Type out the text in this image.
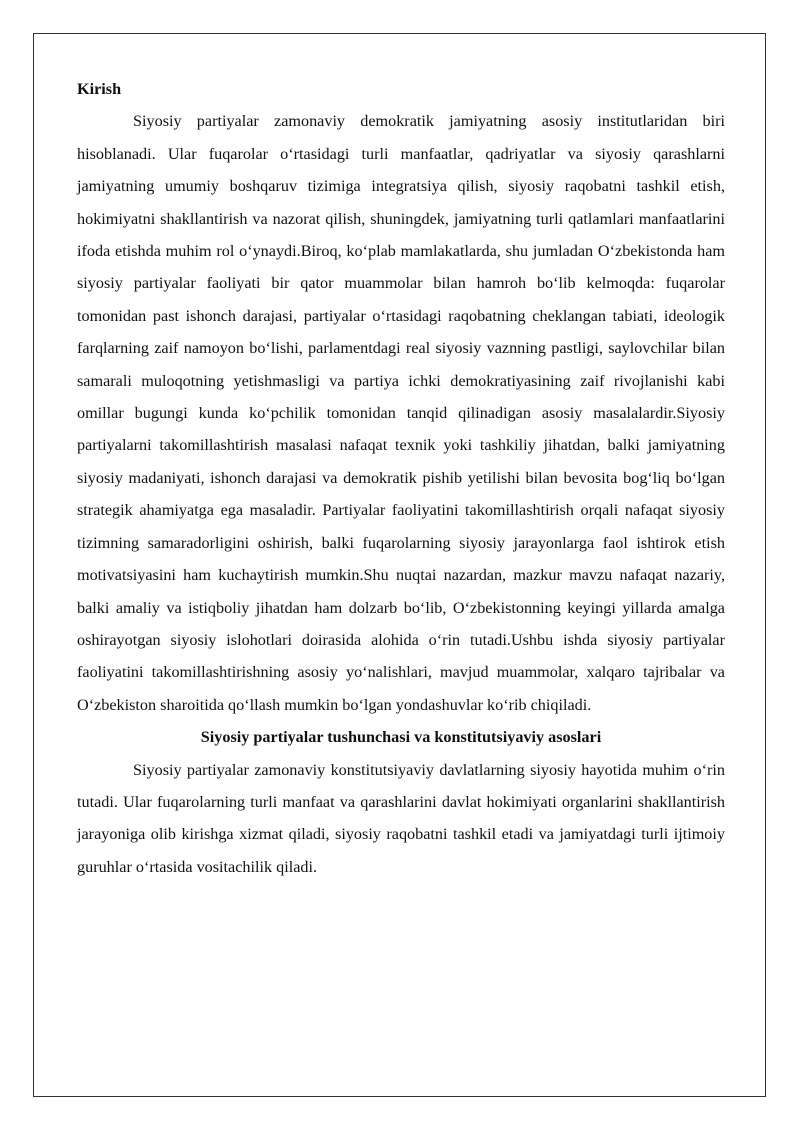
Kirish

Siyosiy partiyalar zamonaviy demokratik jamiyatning asosiy institutlaridan biri hisoblanadi. Ular fuqarolar oʻrtasidagi turli manfaatlar, qadriyatlar va siyosiy qarashlarni jamiyatning umumiy boshqaruv tizimiga integratsiya qilish, siyosiy raqobatni tashkil etish, hokimiyatni shakllantirish va nazorat qilish, shuningdek, jamiyatning turli qatlamlari manfaatlarini ifoda etishda muhim rol oʻynaydi.Biroq, koʻplab mamlakatlarda, shu jumladan Oʻzbekistonda ham siyosiy partiyalar faoliyati bir qator muammolar bilan hamroh boʻlib kelmoqda: fuqarolar tomonidan past ishonch darajasi, partiyalar oʻrtasidagi raqobatning cheklangan tabiati, ideologik farqlarning zaif namoyon boʻlishi, parlamentdagi real siyosiy vaznning pastligi, saylovchilar bilan samarali muloqotning yetishmasligi va partiya ichki demokratiyasining zaif rivojlanishi kabi omillar bugungi kunda koʻpchilik tomonidan tanqid qilinadigan asosiy masalalardir.Siyosiy partiyalarni takomillashtirish masalasi nafaqat texnik yoki tashkiliy jihatdan, balki jamiyatning siyosiy madaniyati, ishonch darajasi va demokratik pishib yetilishi bilan bevosita bogʻliq boʻlgan strategik ahamiyatga ega masaladir. Partiyalar faoliyatini takomillashtirish orqali nafaqat siyosiy tizimning samaradorligini oshirish, balki fuqarolarning siyosiy jarayonlarga faol ishtirok etish motivatsiyasini ham kuchaytirish mumkin.Shu nuqtai nazardan, mazkur mavzu nafaqat nazariy, balki amaliy va istiqboliy jihatdan ham dolzarb boʻlib, Oʻzbekistonning keyingi yillarda amalga oshirayotgan siyosiy islohotlari doirasida alohida oʻrin tutadi.Ushbu ishda siyosiy partiyalar faoliyatini takomillashtirishning asosiy yoʻnalishlari, mavjud muammolar, xalqaro tajribalar va Oʻzbekiston sharoitida qoʻllash mumkin boʻlgan yondashuvlar koʻrib chiqiladi.

Siyosiy partiyalar tushunchasi va konstitutsiyaviy asoslari

Siyosiy partiyalar zamonaviy konstitutsiyaviy davlatlarning siyosiy hayotida muhim oʻrin tutadi. Ular fuqarolarning turli manfaat va qarashlarini davlat hokimiyati organlarini shakllantirish jarayoniga olib kirishga xizmat qiladi, siyosiy raqobatni tashkil etadi va jamiyatdagi turli ijtimoiy guruhlar oʻrtasida vositachilik qiladi.
